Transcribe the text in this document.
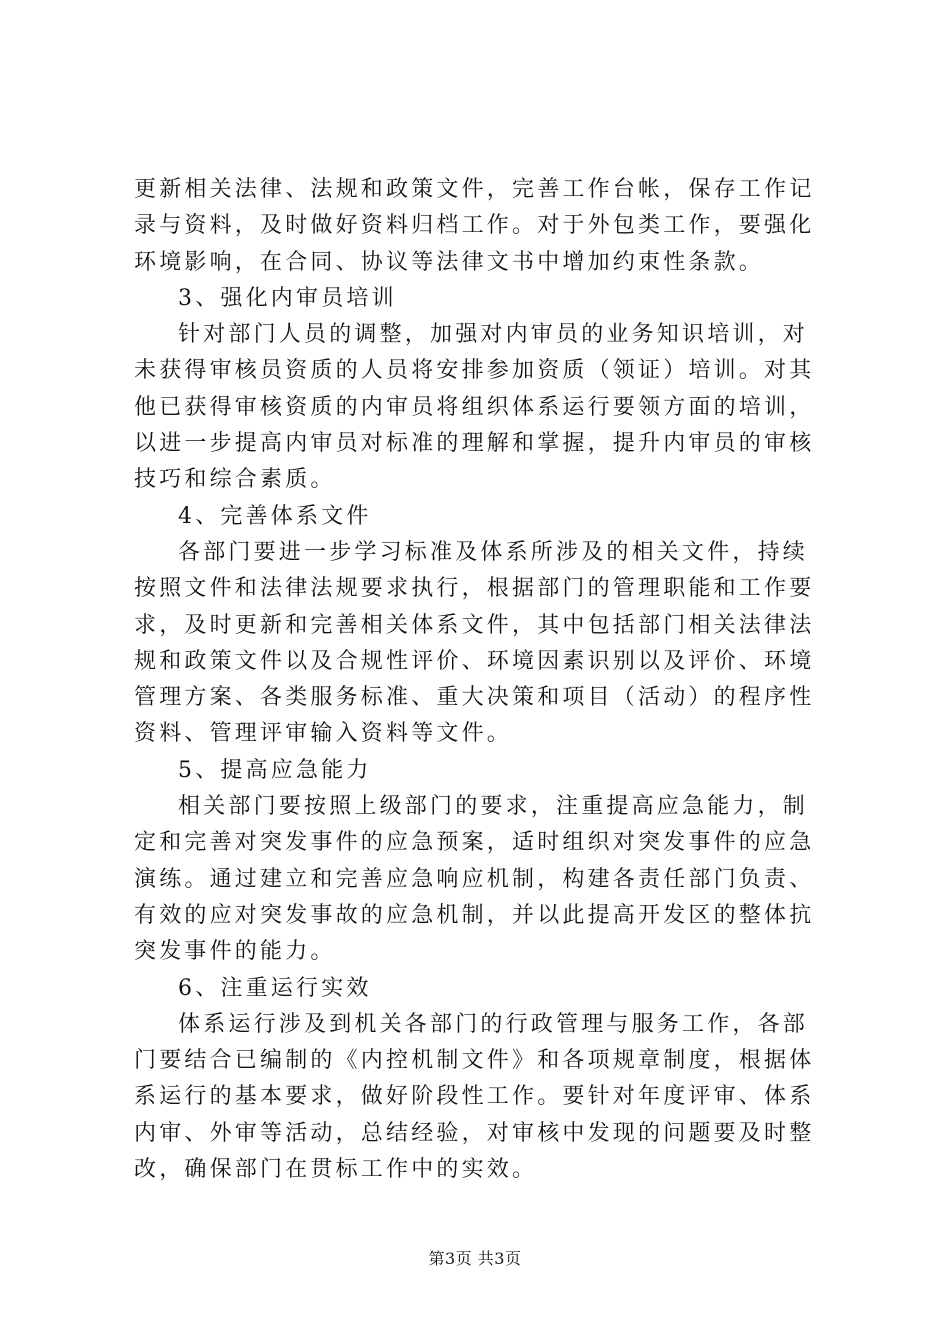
更新相关法律、法规和政策文件，完善工作台帐，保存工作记
录与资料，及时做好资料归档工作。对于外包类工作，要强化
环境影响，在合同、协议等法律文书中增加约束性条款。
3、强化内审员培训
针对部门人员的调整，加强对内审员的业务知识培训，对
未获得审核员资质的人员将安排参加资质（领证）培训。对其
他已获得审核资质的内审员将组织体系运行要领方面的培训，
以进一步提高内审员对标准的理解和掌握，提升内审员的审核
技巧和综合素质。
4、完善体系文件
各部门要进一步学习标准及体系所涉及的相关文件，持续
按照文件和法律法规要求执行，根据部门的管理职能和工作要
求，及时更新和完善相关体系文件，其中包括部门相关法律法
规和政策文件以及合规性评价、环境因素识别以及评价、环境
管理方案、各类服务标准、重大决策和项目（活动）的程序性
资料、管理评审输入资料等文件。
5、提高应急能力
相关部门要按照上级部门的要求，注重提高应急能力，制
定和完善对突发事件的应急预案，适时组织对突发事件的应急
演练。通过建立和完善应急响应机制，构建各责任部门负责、
有效的应对突发事故的应急机制，并以此提高开发区的整体抗
突发事件的能力。
6、注重运行实效
体系运行涉及到机关各部门的行政管理与服务工作，各部
门要结合已编制的《内控机制文件》和各项规章制度，根据体
系运行的基本要求，做好阶段性工作。要针对年度评审、体系
内审、外审等活动，总结经验，对审核中发现的问题要及时整
改，确保部门在贯标工作中的实效。
第3页 共3页
